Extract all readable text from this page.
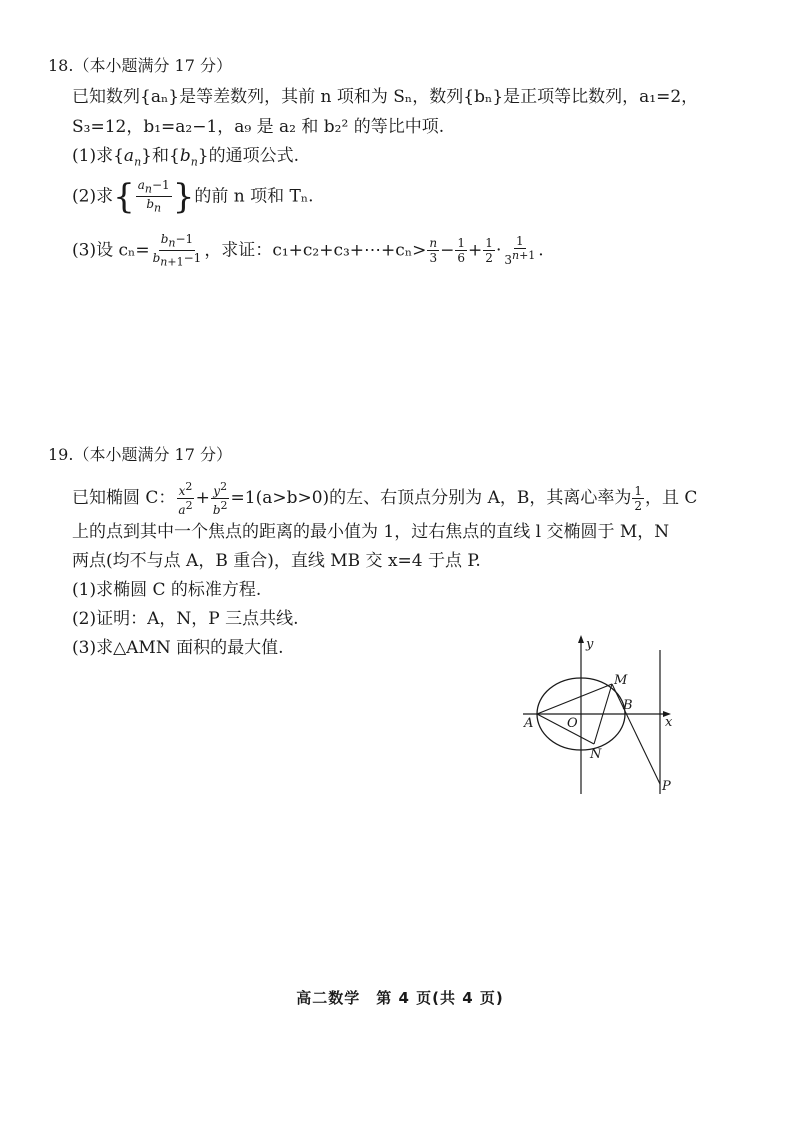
18.（本小题满分 17 分）
已知数列{aₙ}是等差数列，其前 n 项和为 Sₙ，数列{bₙ}是正项等比数列，a₁=2，
S₃=12，b₁=a₂−1，a₉ 是 a₂ 和 b₂² 的等比中项.
(1)求$\{a_n\}$和$\{b_n\}$的通项公式.
(2)求{ $\frac{a_n-1}{b_n}$ }的前 n 项和 Tₙ.
(3)设 $c_n= \frac{b_n-1}{b_{n+1}-1}$ ，求证：c₁+c₂+c₃+⋯+cₙ> $\frac{n}{3} - \frac{1}{6} + \frac{1}{2} \cdot \frac{1}{3^{n+1}}$ .
19.（本小题满分 17 分）
已知椭圆 C： $\frac{x^2}{a^2} + \frac{y^2}{b^2} =1(a>b>0)$的左、右顶点分别为 A，B，其离心率为 $\frac{1}{2}$ ，且 C
上的点到其中一个焦点的距离的最小值为 1，过右焦点的直线 l 交椭圆于 M，N
两点(均不与点 A，B 重合)，直线 MB 交 x=4 于点 P.
(1)求椭圆 C 的标准方程.
(2)证明：A，N，P 三点共线.
(3)求△AMN 面积的最大值.	y
x
O
A
B
M
N
P
高二数学　第 4 页(共 4 页)
